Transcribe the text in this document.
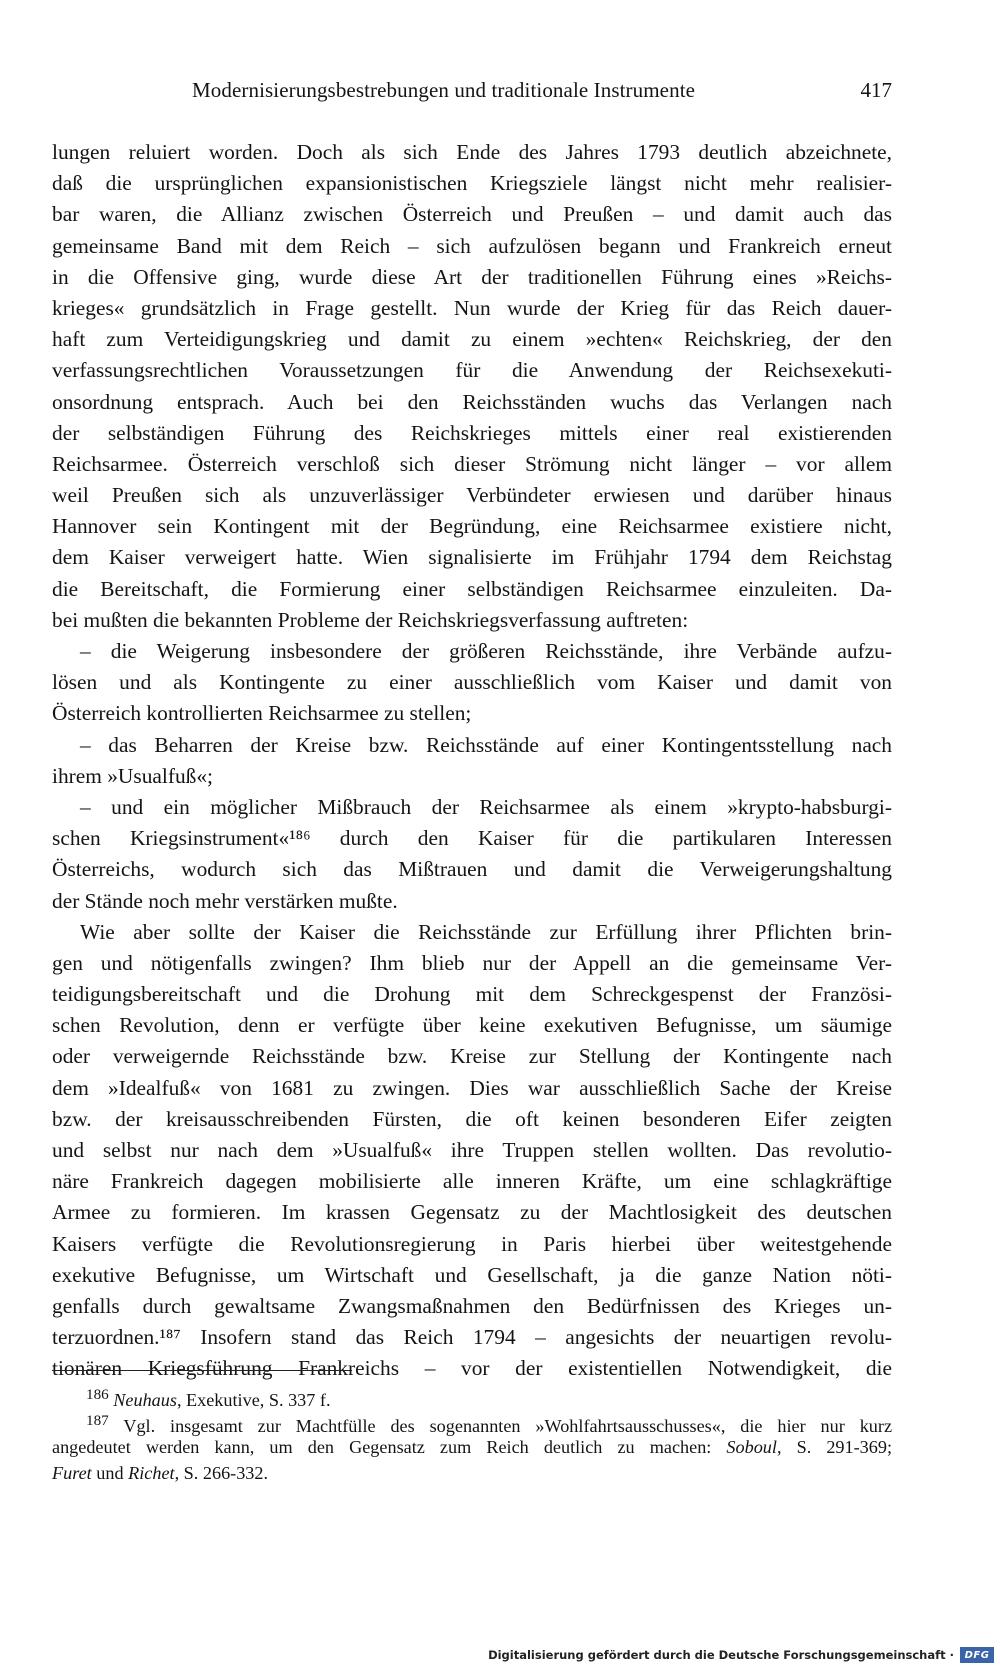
Modernisierungsbestrebungen und traditionale Instrumente	417
lungen reluiert worden. Doch als sich Ende des Jahres 1793 deutlich abzeichnete,
daß die ursprünglichen expansionistischen Kriegsziele längst nicht mehr realisier-
bar waren, die Allianz zwischen Österreich und Preußen – und damit auch das
gemeinsame Band mit dem Reich – sich aufzulösen begann und Frankreich erneut
in die Offensive ging, wurde diese Art der traditionellen Führung eines »Reichs-
krieges« grundsätzlich in Frage gestellt. Nun wurde der Krieg für das Reich dauer-
haft zum Verteidigungskrieg und damit zu einem »echten« Reichskrieg, der den
verfassungsrechtlichen Voraussetzungen für die Anwendung der Reichsexekuti-
onsordnung entsprach. Auch bei den Reichsständen wuchs das Verlangen nach
der selbständigen Führung des Reichskrieges mittels einer real existierenden
Reichsarmee. Österreich verschloß sich dieser Strömung nicht länger – vor allem
weil Preußen sich als unzuverlässiger Verbündeter erwiesen und darüber hinaus
Hannover sein Kontingent mit der Begründung, eine Reichsarmee existiere nicht,
dem Kaiser verweigert hatte. Wien signalisierte im Frühjahr 1794 dem Reichstag
die Bereitschaft, die Formierung einer selbständigen Reichsarmee einzuleiten. Da-
bei mußten die bekannten Probleme der Reichskriegsverfassung auftreten:
– die Weigerung insbesondere der größeren Reichsstände, ihre Verbände aufzu-
lösen und als Kontingente zu einer ausschließlich vom Kaiser und damit von
Österreich kontrollierten Reichsarmee zu stellen;
– das Beharren der Kreise bzw. Reichsstände auf einer Kontingentsstellung nach
ihrem »Usualfuß«;
– und ein möglicher Mißbrauch der Reichsarmee als einem »krypto-habsburgi-
schen Kriegsinstrument«¹⁸⁶ durch den Kaiser für die partikularen Interessen
Österreichs, wodurch sich das Mißtrauen und damit die Verweigerungshaltung
der Stände noch mehr verstärken mußte.
Wie aber sollte der Kaiser die Reichsstände zur Erfüllung ihrer Pflichten brin-
gen und nötigenfalls zwingen? Ihm blieb nur der Appell an die gemeinsame Ver-
teidigungsbereitschaft und die Drohung mit dem Schreckgespenst der Französi-
schen Revolution, denn er verfügte über keine exekutiven Befugnisse, um säumige
oder verweigernde Reichsstände bzw. Kreise zur Stellung der Kontingente nach
dem »Idealfuß« von 1681 zu zwingen. Dies war ausschließlich Sache der Kreise
bzw. der kreisausschreibenden Fürsten, die oft keinen besonderen Eifer zeigten
und selbst nur nach dem »Usualfuß« ihre Truppen stellen wollten. Das revolutio-
näre Frankreich dagegen mobilisierte alle inneren Kräfte, um eine schlagkräftige
Armee zu formieren. Im krassen Gegensatz zu der Machtlosigkeit des deutschen
Kaisers verfügte die Revolutionsregierung in Paris hierbei über weitestgehende
exekutive Befugnisse, um Wirtschaft und Gesellschaft, ja die ganze Nation nöti-
genfalls durch gewaltsame Zwangsmaßnahmen den Bedürfnissen des Krieges un-
terzuordnen.¹⁸⁷ Insofern stand das Reich 1794 – angesichts der neuartigen revolu-
tionären Kriegsführung Frankreichs – vor der existentiellen Notwendigkeit, die
$^{186}$ Neuhaus, Exekutive, S. 337 f.
$^{187}$ Vgl. insgesamt zur Machtfülle des sogenannten »Wohlfahrtsausschusses«, die hier nur kurz
angedeutet werden kann, um den Gegensatz zum Reich deutlich zu machen: Soboul, S. 291-369;
Furet und Richet, S. 266-332.
Digitalisierung gefördert durch die Deutsche Forschungsgemeinschaft ·	DFG
